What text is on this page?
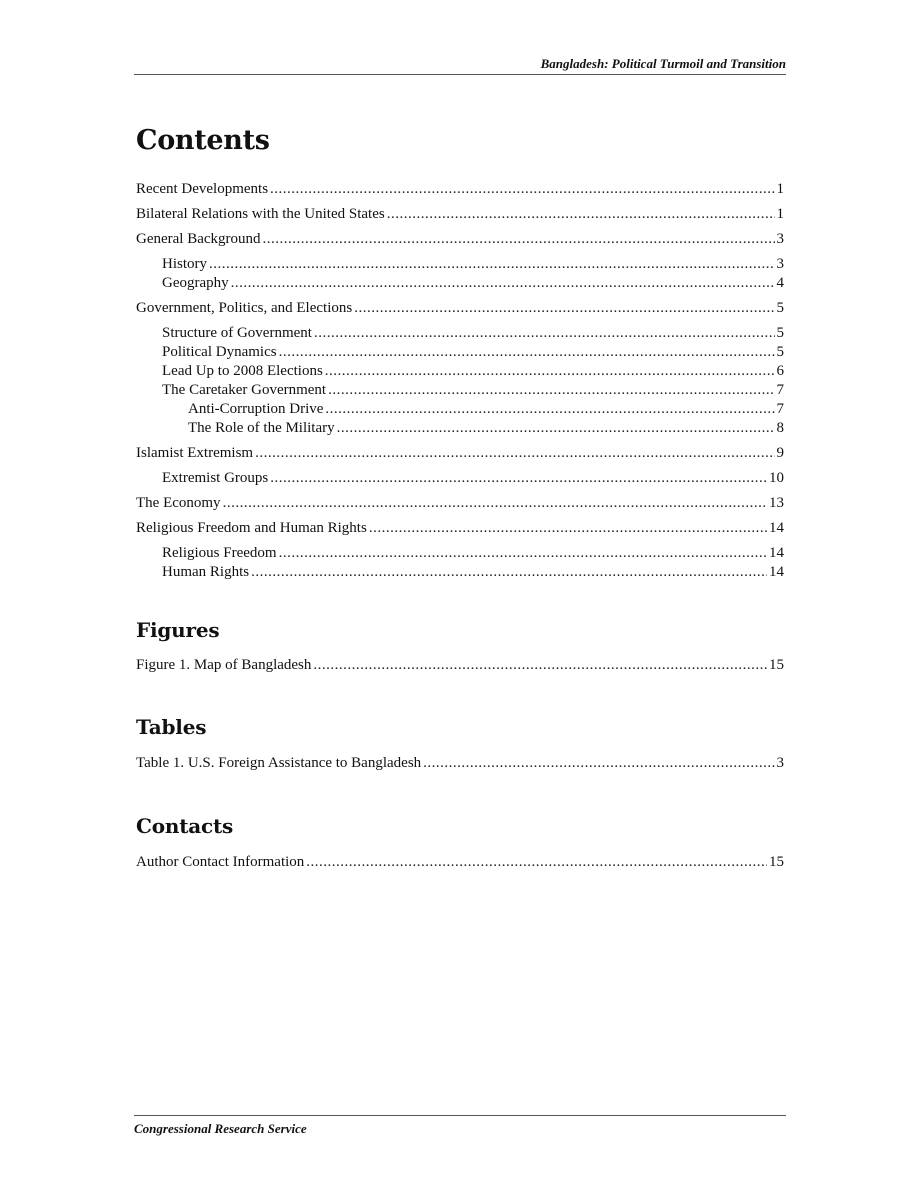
Bangladesh: Political Turmoil and Transition
Contents
Recent Developments .....	1
Bilateral Relations with the United States .....	1
General Background .....	3
History .....	3
Geography .....	4
Government, Politics, and Elections .....	5
Structure of Government .....	5
Political Dynamics .....	5
Lead Up to 2008 Elections .....	6
The Caretaker Government .....	7
Anti-Corruption Drive .....	7
The Role of the Military .....	8
Islamist Extremism .....	9
Extremist Groups .....	10
The Economy .....	13
Religious Freedom and Human Rights .....	14
Religious Freedom .....	14
Human Rights .....	14
Figures
Figure 1. Map of Bangladesh .....	15
Tables
Table 1. U.S. Foreign Assistance to Bangladesh .....	3
Contacts
Author Contact Information .....	15
Congressional Research Service
